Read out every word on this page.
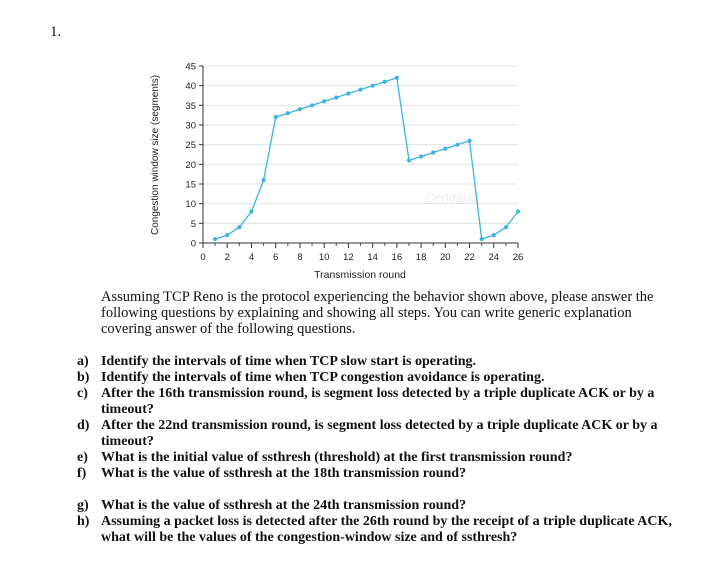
1.
0
5
10
15
20
25
30
35
40
45
0 2 4 6 8 10 12 14 16 18 20 22 24 26
Cengage
Transmission round
Congestion window size (segments)
Assuming TCP Reno is the protocol experiencing the behavior shown above, please answer the following questions by explaining and showing all steps. You can write generic explanation covering answer of the following questions.
a) Identify the intervals of time when TCP slow start is operating.
b) Identify the intervals of time when TCP congestion avoidance is operating.
c) After the 16th transmission round, is segment loss detected by a triple duplicate ACK or by a timeout?
d) After the 22nd transmission round, is segment loss detected by a triple duplicate ACK or by a timeout?
e) What is the initial value of ssthresh (threshold) at the first transmission round?
f)	What is the value of ssthresh at the 18th transmission round?
g) What is the value of ssthresh at the 24th transmission round?
h) Assuming a packet loss is detected after the 26th round by the receipt of a triple duplicate ACK, what will be the values of the congestion-window size and of ssthresh?
